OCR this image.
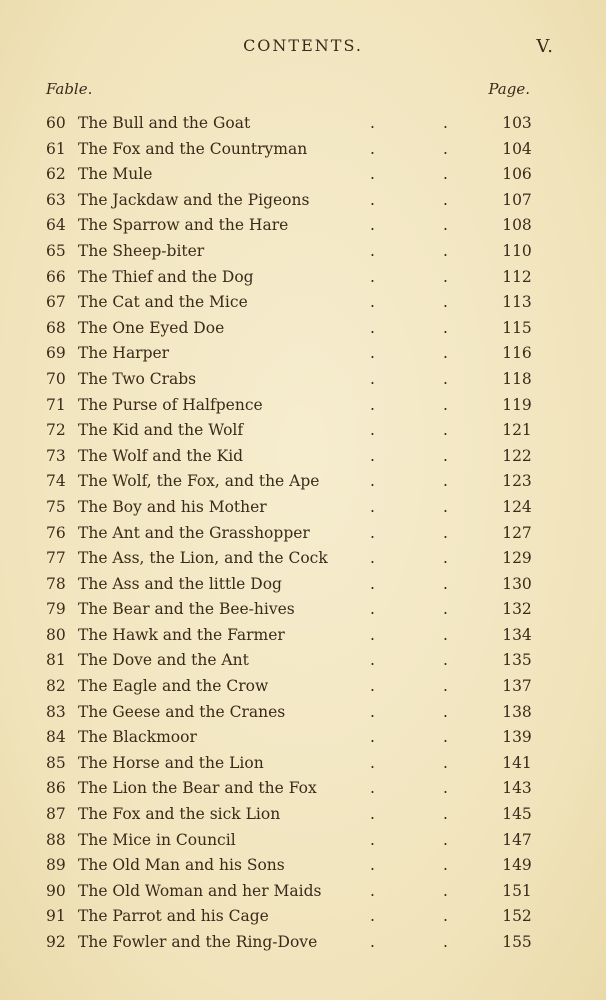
CONTENTS.	V.
Fable.	Page.
60 The Bull and the Goat	.	.	103
61 The Fox and the Countryman	.	.	104
62 The Mule	.	.	106
63 The Jackdaw and the Pigeons	.	.	107
64 The Sparrow and the Hare	.	.	108
65 The Sheep-biter	.	.	110
66 The Thief and the Dog	.	.	112
67 The Cat and the Mice	.	.	113
68 The One Eyed Doe	.	.	115
69 The Harper	.	.	116
70 The Two Crabs	.	.	118
71 The Purse of Halfpence	.	.	119
72 The Kid and the Wolf	.	.	121
73 The Wolf and the Kid	.	.	122
74 The Wolf, the Fox, and the Ape	.	.	123
75 The Boy and his Mother	.	.	124
76 The Ant and the Grasshopper	.	.	127
77 The Ass, the Lion, and the Cock	.	.	129
78 The Ass and the little Dog	.	.	130
79 The Bear and the Bee-hives	.	.	132
80 The Hawk and the Farmer	.	.	134
81 The Dove and the Ant	.	.	135
82 The Eagle and the Crow	.	.	137
83 The Geese and the Cranes	.	.	138
84 The Blackmoor	.	.	139
85 The Horse and the Lion	.	.	141
86 The Lion the Bear and the Fox	.	.	143
87 The Fox and the sick Lion	.	.	145
88 The Mice in Council	.	.	147
89 The Old Man and his Sons	.	.	149
90 The Old Woman and her Maids	.	.	151
91 The Parrot and his Cage	.	.	152
92 The Fowler and the Ring-Dove	.	.	155
